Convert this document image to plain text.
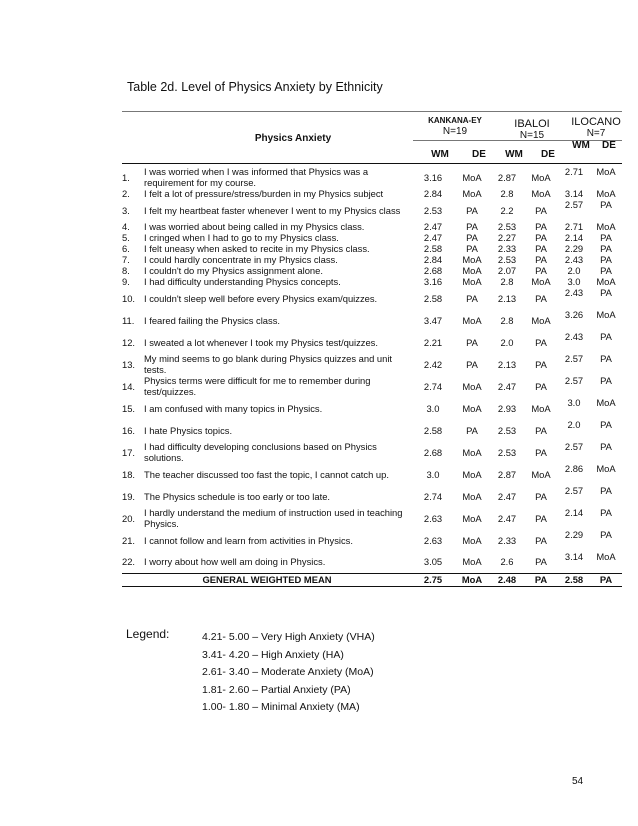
Table 2d. Level of Physics Anxiety by Ethnicity
Physics Anxiety
KANKANA-EY
N=19
IBALOI
N=15
ILOCANO
N=7
WM	DE	WM	DE
WM	DE
1.	I was worried when I was informed that Physics was a requirement for my course.	3.16	MoA	2.87	MoA	2.71	MoA
2.	I felt a lot of pressure/stress/burden in my Physics subject	2.84	MoA	2.8	MoA	3.14	MoA
3.	I felt my heartbeat faster whenever I went to my Physics class	2.53	PA	2.2	PA	2.57	PA
4.	I was worried about being called in my Physics class.	2.47	PA	2.53	PA	2.71	MoA
5.	I cringed when I had to go to my Physics class.	2.47	PA	2.27	PA	2.14	PA
6.	I felt uneasy when asked to recite in my Physics class.	2.58	PA	2.33	PA	2.29	PA
7.	I could hardly concentrate in my Physics class.	2.84	MoA	2.53	PA	2.43	PA
8.	I couldn't do my Physics assignment alone.	2.68	MoA	2.07	PA	2.0	PA
9.	I had difficulty understanding Physics concepts.	3.16	MoA	2.8	MoA	3.0	MoA
10.	I couldn't sleep well before every Physics exam/quizzes.	2.58	PA	2.13	PA	2.43	PA
11.	I feared failing the Physics class.	3.47	MoA	2.8	MoA	3.26	MoA
12.	I sweated a lot whenever I took my Physics test/quizzes.	2.21	PA	2.0	PA	2.43	PA
13.	My mind seems to go blank during Physics quizzes and unit tests.	2.42	PA	2.13	PA	2.57	PA
14.	Physics terms were difficult for me to remember during test/quizzes.	2.74	MoA	2.47	PA	2.57	PA
15.	I am confused with many topics in Physics.	3.0	MoA	2.93	MoA	3.0	MoA
16.	I hate Physics topics.	2.58	PA	2.53	PA	2.0	PA
17.	I had difficulty developing conclusions based on Physics solutions.	2.68	MoA	2.53	PA	2.57	PA
18.	The teacher discussed too fast the topic, I cannot catch up.	3.0	MoA	2.87	MoA	2.86	MoA
19.	The Physics schedule is too early or too late.	2.74	MoA	2.47	PA	2.57	PA
20.	I hardly understand the medium of instruction used in teaching Physics.	2.63	MoA	2.47	PA	2.14	PA
21.	I cannot follow and learn from activities in Physics.	2.63	MoA	2.33	PA	2.29	PA
22.	I worry about how well am doing in Physics.	3.05	MoA	2.6	PA	3.14	MoA
GENERAL WEIGHTED MEAN		2.75	MoA	2.48	PA	2.58	PA
Legend:	4.21- 5.00 – Very High Anxiety (VHA)
3.41- 4.20 – High Anxiety (HA)
2.61- 3.40 – Moderate Anxiety (MoA)
1.81- 2.60 – Partial Anxiety (PA)
1.00- 1.80 – Minimal Anxiety (MA)
54
